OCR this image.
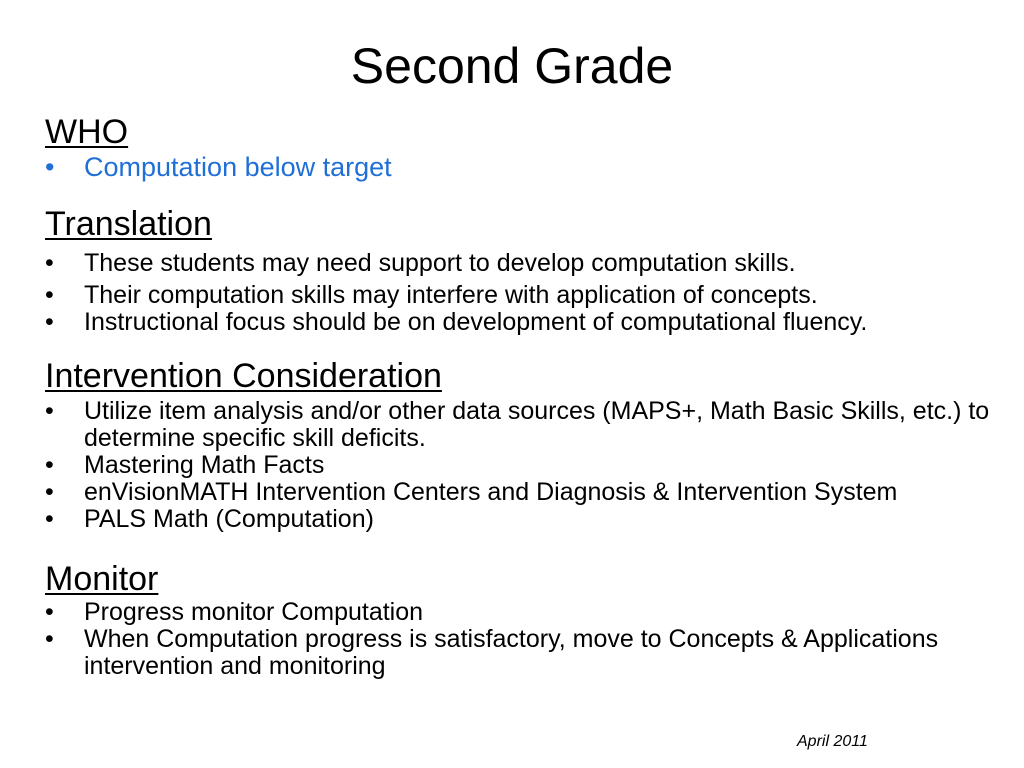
Second Grade
WHO
• Computation below target
Translation
• These students may need support to develop computation skills.
• Their computation skills may interfere with application of concepts.
• Instructional focus should be on development of computational fluency.
Intervention Consideration
• Utilize item analysis and/or other data sources (MAPS+, Math Basic Skills, etc.) to determine specific skill deficits.
• Mastering Math Facts
• enVisionMATH Intervention Centers and Diagnosis & Intervention System
• PALS Math (Computation)
Monitor
• Progress monitor Computation
• When Computation progress is satisfactory, move to Concepts & Applications intervention and monitoring
April 2011
